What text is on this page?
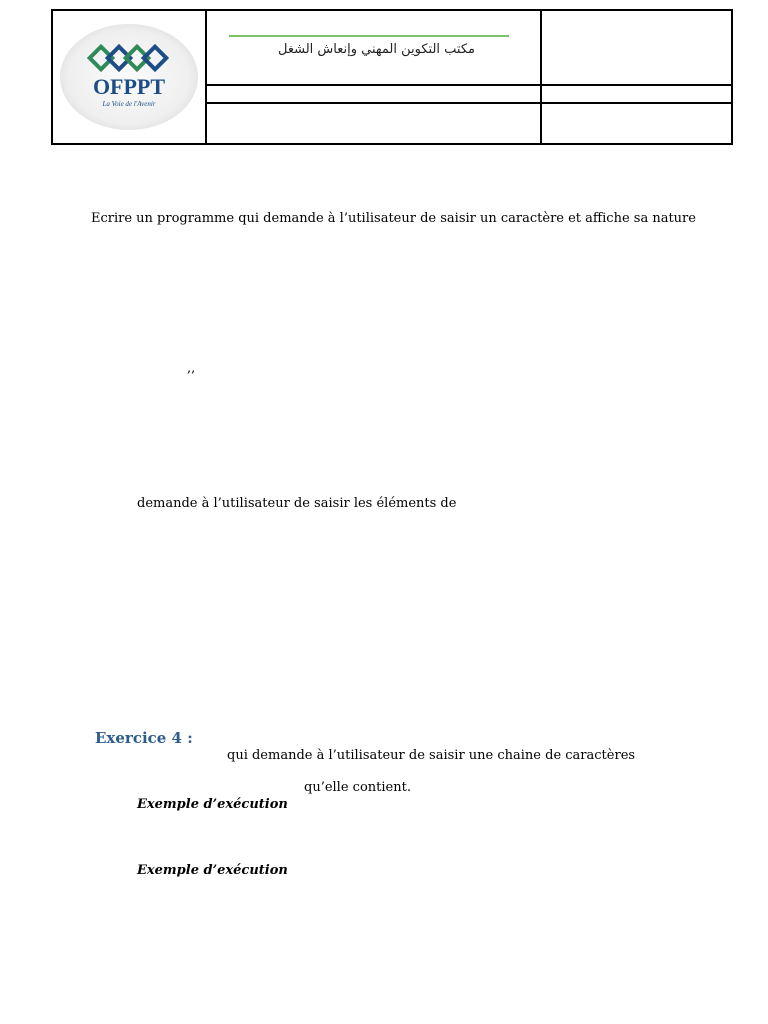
OFPPT
La Voie de l'Avenir	مكتب التكوين المهني وإنعاش الشغل	

Ecrire un programme qui demande à l’utilisateur de saisir un caractère et affiche sa nature
,,
demande à l’utilisateur de saisir les éléments de
Exercice 4 :
qui demande à l’utilisateur de saisir une chaine de caractères
qu’elle contient.
Exemple d’exécution
Exemple d’exécution
